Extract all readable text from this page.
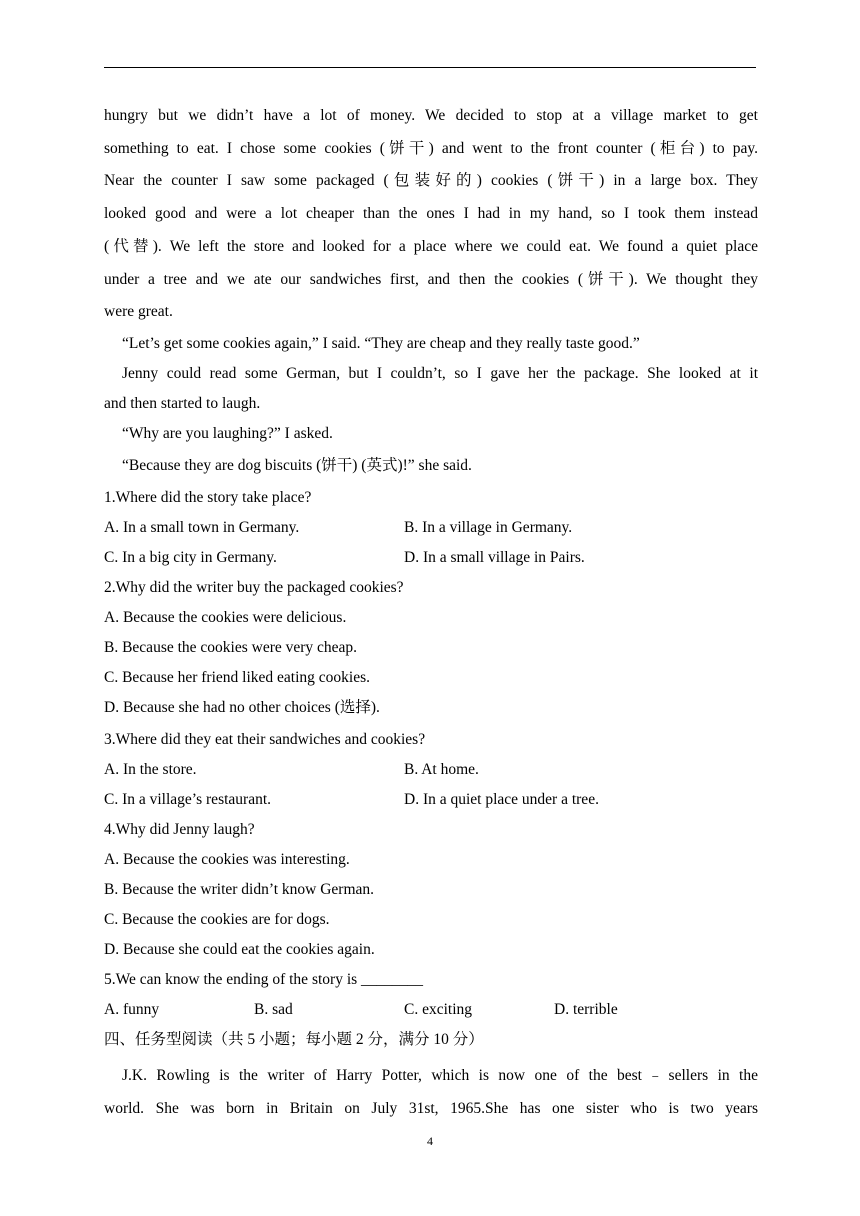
hungry but we didn’t have a lot of money. We decided to stop at a village market to get
something to eat. I chose some cookies (饼干) and went to the front counter (柜台) to pay.
Near the counter I saw some packaged (包装好的) cookies (饼干) in a large box. They
looked good and were a lot cheaper than the ones I had in my hand, so I took them instead
(代替). We left the store and looked for a place where we could eat. We found a quiet place
under a tree and we ate our sandwiches first, and then the cookies (饼干). We thought they
were great.
“Let’s get some cookies again,” I said. “They are cheap and they really taste good.”
Jenny could read some German, but I couldn’t, so I gave her the package. She looked at it
and then started to laugh.
“Why are you laughing?” I asked.
“Because they are dog biscuits (饼干) (英式)!” she said.
1.Where did the story take place?
A. In a small town in Germany.	B. In a village in Germany.
C. In a big city in Germany.	D. In a small village in Pairs.
2.Why did the writer buy the packaged cookies?
A. Because the cookies were delicious.
B. Because the cookies were very cheap.
C. Because her friend liked eating cookies.
D. Because she had no other choices (选择).
3.Where did they eat their sandwiches and cookies?
A. In the store.	B. At home.
C. In a village’s restaurant.	D. In a quiet place under a tree.
4.Why did Jenny laugh?
A. Because the cookies was interesting.
B. Because the writer didn’t know German.
C. Because the cookies are for dogs.
D. Because she could eat the cookies again.
5.We can know the ending of the story is ________
A. funny	B. sad	C. exciting	D. terrible
四、任务型阅读（共 5 小题；每小题 2 分，满分 10 分）
J.K. Rowling is the writer of Harry Potter, which is now one of the best﹣sellers in the
world. She was born in Britain on July 31st, 1965.She has one sister who is two years
4
